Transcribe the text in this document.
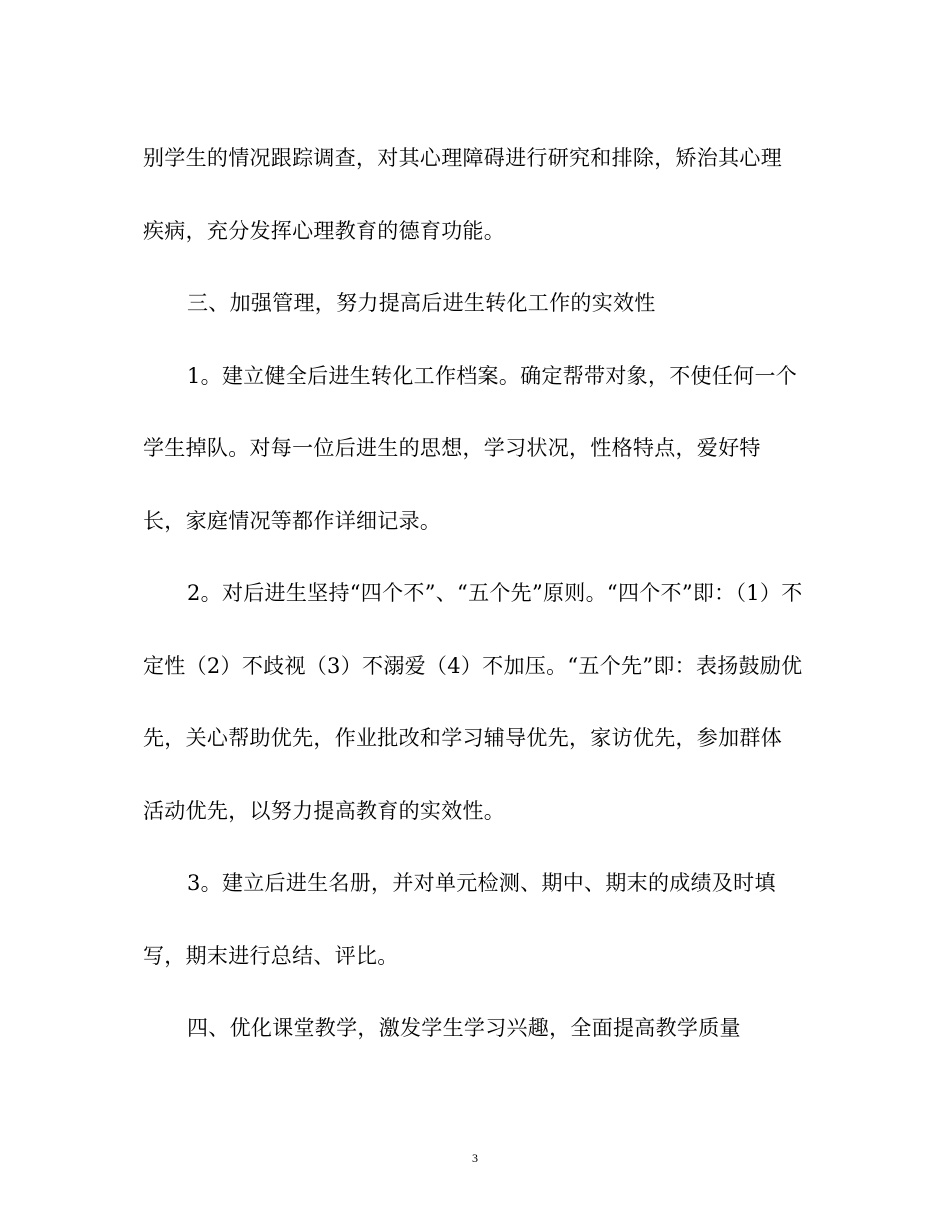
别学生的情况跟踪调查，对其心理障碍进行研究和排除，矫治其心理
疾病，充分发挥心理教育的德育功能。
三、加强管理，努力提高后进生转化工作的实效性
1。建立健全后进生转化工作档案。确定帮带对象，不使任何一个
学生掉队。对每一位后进生的思想，学习状况，性格特点，爱好特
长，家庭情况等都作详细记录。
2。对后进生坚持“四个不”、“五个先”原则。“四个不”即：（1）不
定性（2）不歧视（3）不溺爱（4）不加压。“五个先”即：表扬鼓励优
先，关心帮助优先，作业批改和学习辅导优先，家访优先，参加群体
活动优先，以努力提高教育的实效性。
3。建立后进生名册，并对单元检测、期中、期末的成绩及时填
写，期末进行总结、评比。
四、优化课堂教学，激发学生学习兴趣，全面提高教学质量
3
